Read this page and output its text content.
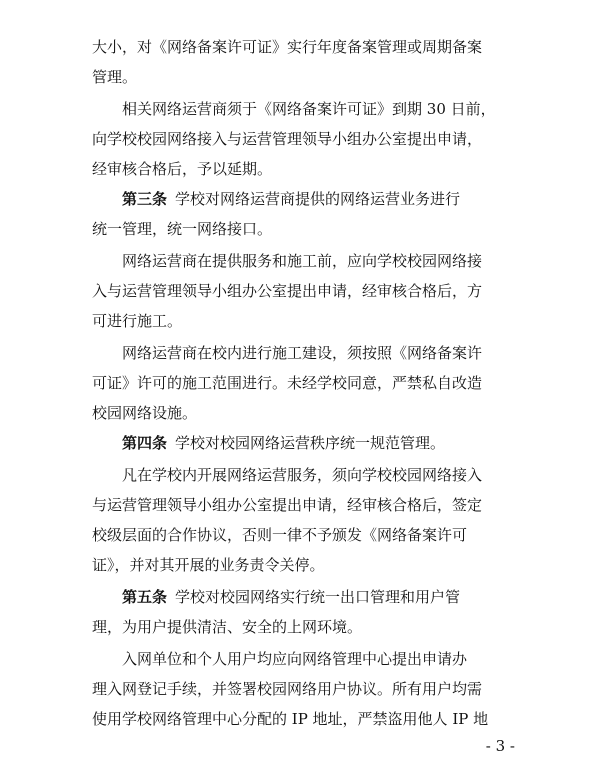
大小，对《网络备案许可证》实行年度备案管理或周期备案
管理。
相关网络运营商须于《网络备案许可证》到期 30 日前，
向学校校园网络接入与运营管理领导小组办公室提出申请，
经审核合格后，予以延期。
第三条 学校对网络运营商提供的网络运营业务进行
统一管理，统一网络接口。
网络运营商在提供服务和施工前，应向学校校园网络接
入与运营管理领导小组办公室提出申请，经审核合格后，方
可进行施工。
网络运营商在校内进行施工建设，须按照《网络备案许
可证》许可的施工范围进行。未经学校同意，严禁私自改造
校园网络设施。
第四条 学校对校园网络运营秩序统一规范管理。
凡在学校内开展网络运营服务，须向学校校园网络接入
与运营管理领导小组办公室提出申请，经审核合格后，签定
校级层面的合作协议，否则一律不予颁发《网络备案许可
证》，并对其开展的业务责令关停。
第五条 学校对校园网络实行统一出口管理和用户管
理，为用户提供清洁、安全的上网环境。
入网单位和个人用户均应向网络管理中心提出申请办
理入网登记手续，并签署校园网络用户协议。所有用户均需
使用学校网络管理中心分配的 IP 地址，严禁盗用他人 IP 地
- 3 -
